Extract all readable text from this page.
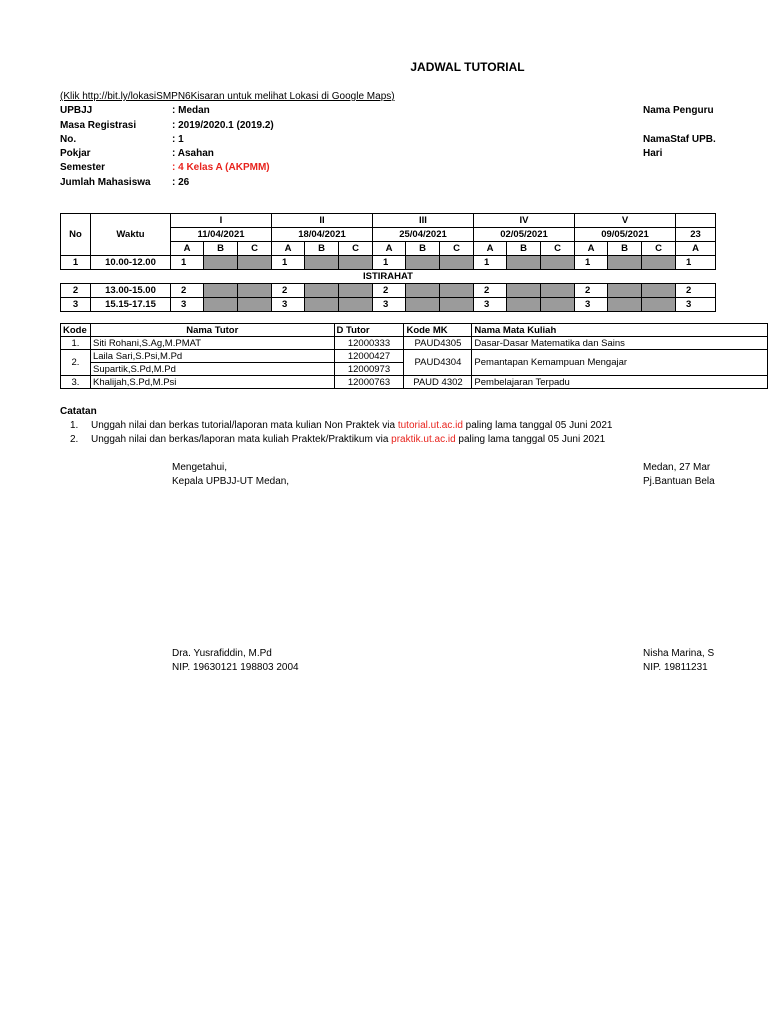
JADWAL TUTORIAL
(Klik http://bit.ly/lokasiSMPN6Kisaran untuk melihat Lokasi di Google Maps)
UPBJJ	: Medan
Masa Registrasi	: 2019/2020.1 (2019.2)
No.	: 1
Pokjar	: Asahan
Semester	: 4 Kelas A (AKPMM)
Jumlah Mahasiswa : 26
Nama Penguru
NamaStaf UPB.
Hari
No	Waktu	I			II			III			IV			V			
		11/04/2021			18/04/2021			25/04/2021			02/05/2021			09/05/2021			23
		A	B	C	A	B	C	A	B	C	A	B	C	A	B	C	A
1	10.00-12.00	1			1			1			1			1			1
ISTIRAHAT																	
2	13.00-15.00	2			2			2			2			2			2
3	15.15-17.15	3			3			3			3			3			3
Kode	Nama Tutor	D Tutor	Kode MK	Nama Mata Kuliah
1.	Siti Rohani,S.Ag,M.PMAT	12000333	PAUD4305	Dasar-Dasar Matematika dan Sains
2.	Laila Sari,S.Psi,M.Pd	12000427	PAUD4304	Pemantapan Kemampuan Mengajar
	Supartik,S.Pd,M.Pd	12000973		
3.	Khalijah,S.Pd,M.Psi	12000763	PAUD 4302	Pembelajaran Terpadu
Catatan
1. Unggah nilai dan berkas tutorial/laporan mata kulian Non Praktek via tutorial.ut.ac.id paling lama tanggal 05 Juni 2021
2. Unggah nilai dan berkas/laporan mata kuliah Praktek/Praktikum via praktik.ut.ac.id paling lama tanggal 05 Juni 2021
Mengetahui,
Kepala UPBJJ-UT Medan,
Dra. Yusrafiddin, M.Pd
NIP. 19630121 198803 2004
Medan, 27 Mar
Pj.Bantuan Bela
Nisha Marina, S
NIP. 19811231
